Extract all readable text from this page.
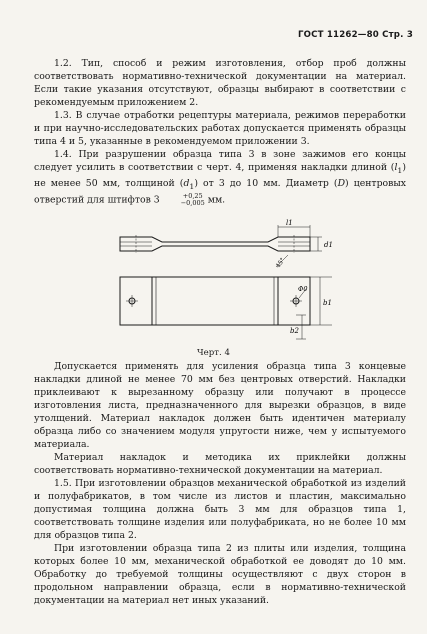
ГОСТ 11262—80 Стр. 3

1.2. Тип, способ и режим изготовления, отбор проб должны соответствовать нормативно-технической документации на материал. Если такие указания отсутствуют, образцы выбирают в соответствии с рекомендуемым приложением 2.

1.3. В случае отработки рецептуры материала, режимов переработки и при научно-исследовательских работах допускается применять образцы типа 4 и 5, указанные в рекомендуемом приложении 3.

1.4. При разрушении образца типа 3 в зоне зажимов его концы следует усилить в соответствии с черт. 4, применяя накладки длиной $(l_1)$ не менее 50 мм, толщиной $(d_1)$ от 3 до 10 мм. Диаметр (D) центровых отверстий для штифтов 3	+0,25
−0,005 мм.

l1
d1
45°
Ф0
b1
b2
Черт. 4

Допускается применять для усиления образца типа 3 концевые накладки длиной не менее 70 мм без центровых отверстий. Накладки приклеивают к вырезанному образцу или получают в процессе изготовления листа, предназначенного для вырезки образцов, в виде утолщений. Материал накладок должен быть идентичен материалу образца либо со значением модуля упругости ниже, чем у испытуемого материала.

Материал накладок и методика их приклейки должны соответствовать нормативно-технической документации на материал.

1.5. При изготовлении образцов механической обработкой из изделий и полуфабрикатов, в том числе из листов и пластин, максимально допустимая толщина должна быть 3 мм для образцов типа 1, соответствовать толщине изделия или полуфабриката, но не более 10 мм для образцов типа 2.

При изготовлении образца типа 2 из плиты или изделия, толщина которых более 10 мм, механической обработкой ее доводят до 10 мм. Обработку до требуемой толщины осуществляют с двух сторон в продольном направлении образца, если в нормативно-технической документации на материал нет иных указаний.
